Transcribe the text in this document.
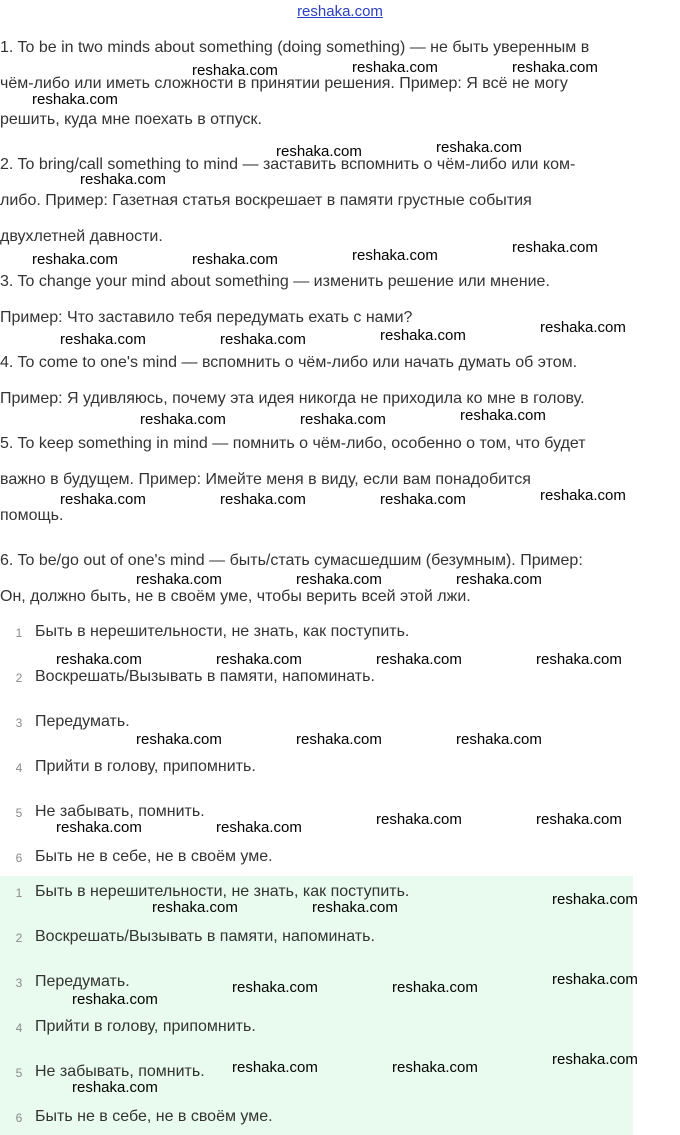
reshaka.com
1. To be in two minds about something (doing something) — не быть уверенным в
чём-либо или иметь сложности в принятии решения. Пример: Я всё не могу
решить, куда мне поехать в отпуск.
2. To bring/call something to mind — заставить вспомнить о чём-либо или ком-
либо. Пример: Газетная статья воскрешает в памяти грустные события
двухлетней давности.
3. To change your mind about something — изменить решение или мнение.
Пример: Что заставило тебя передумать ехать с нами?
4. To come to one's mind — вспомнить о чём-либо или начать думать об этом.
Пример: Я удивляюсь, почему эта идея никогда не приходила ко мне в голову.
5. To keep something in mind — помнить о чём-либо, особенно о том, что будет
важно в будущем. Пример: Имейте меня в виду, если вам понадобится
помощь.
6. To be/go out of one's mind — быть/стать сумасшедшим (безумным). Пример:
Он, должно быть, не в своём уме, чтобы верить всей этой лжи.
1 Быть в нерешительности, не знать, как поступить.
2 Воскрешать/Вызывать в памяти, напоминать.
3 Передумать.
4 Прийти в голову, припомнить.
5 Не забывать, помнить.
6 Быть не в себе, не в своём уме.
1 Быть в нерешительности, не знать, как поступить.
2 Воскрешать/Вызывать в памяти, напоминать.
3 Передумать.
4 Прийти в голову, припомнить.
5 Не забывать, помнить.
6 Быть не в себе, не в своём уме.
reshaka.com	reshaka.com	reshaka.com
reshaka.com
reshaka.com
reshaka.com
reshaka.com
reshaka.com
reshaka.com	reshaka.com	reshaka.com
reshaka.com
reshaka.com	reshaka.com	reshaka.com
reshaka.com	reshaka.com	reshaka.com
reshaka.com	reshaka.com	reshaka.com	reshaka.com
reshaka.com	reshaka.com	reshaka.com
reshaka.com	reshaka.com	reshaka.com	reshaka.com
reshaka.com	reshaka.com	reshaka.com
reshaka.com	reshaka.com	reshaka.com	reshaka.com
reshaka.com	reshaka.com	reshaka.com
reshaka.com
reshaka.com	reshaka.com	reshaka.com
reshaka.com
reshaka.com	reshaka.com	reshaka.com
